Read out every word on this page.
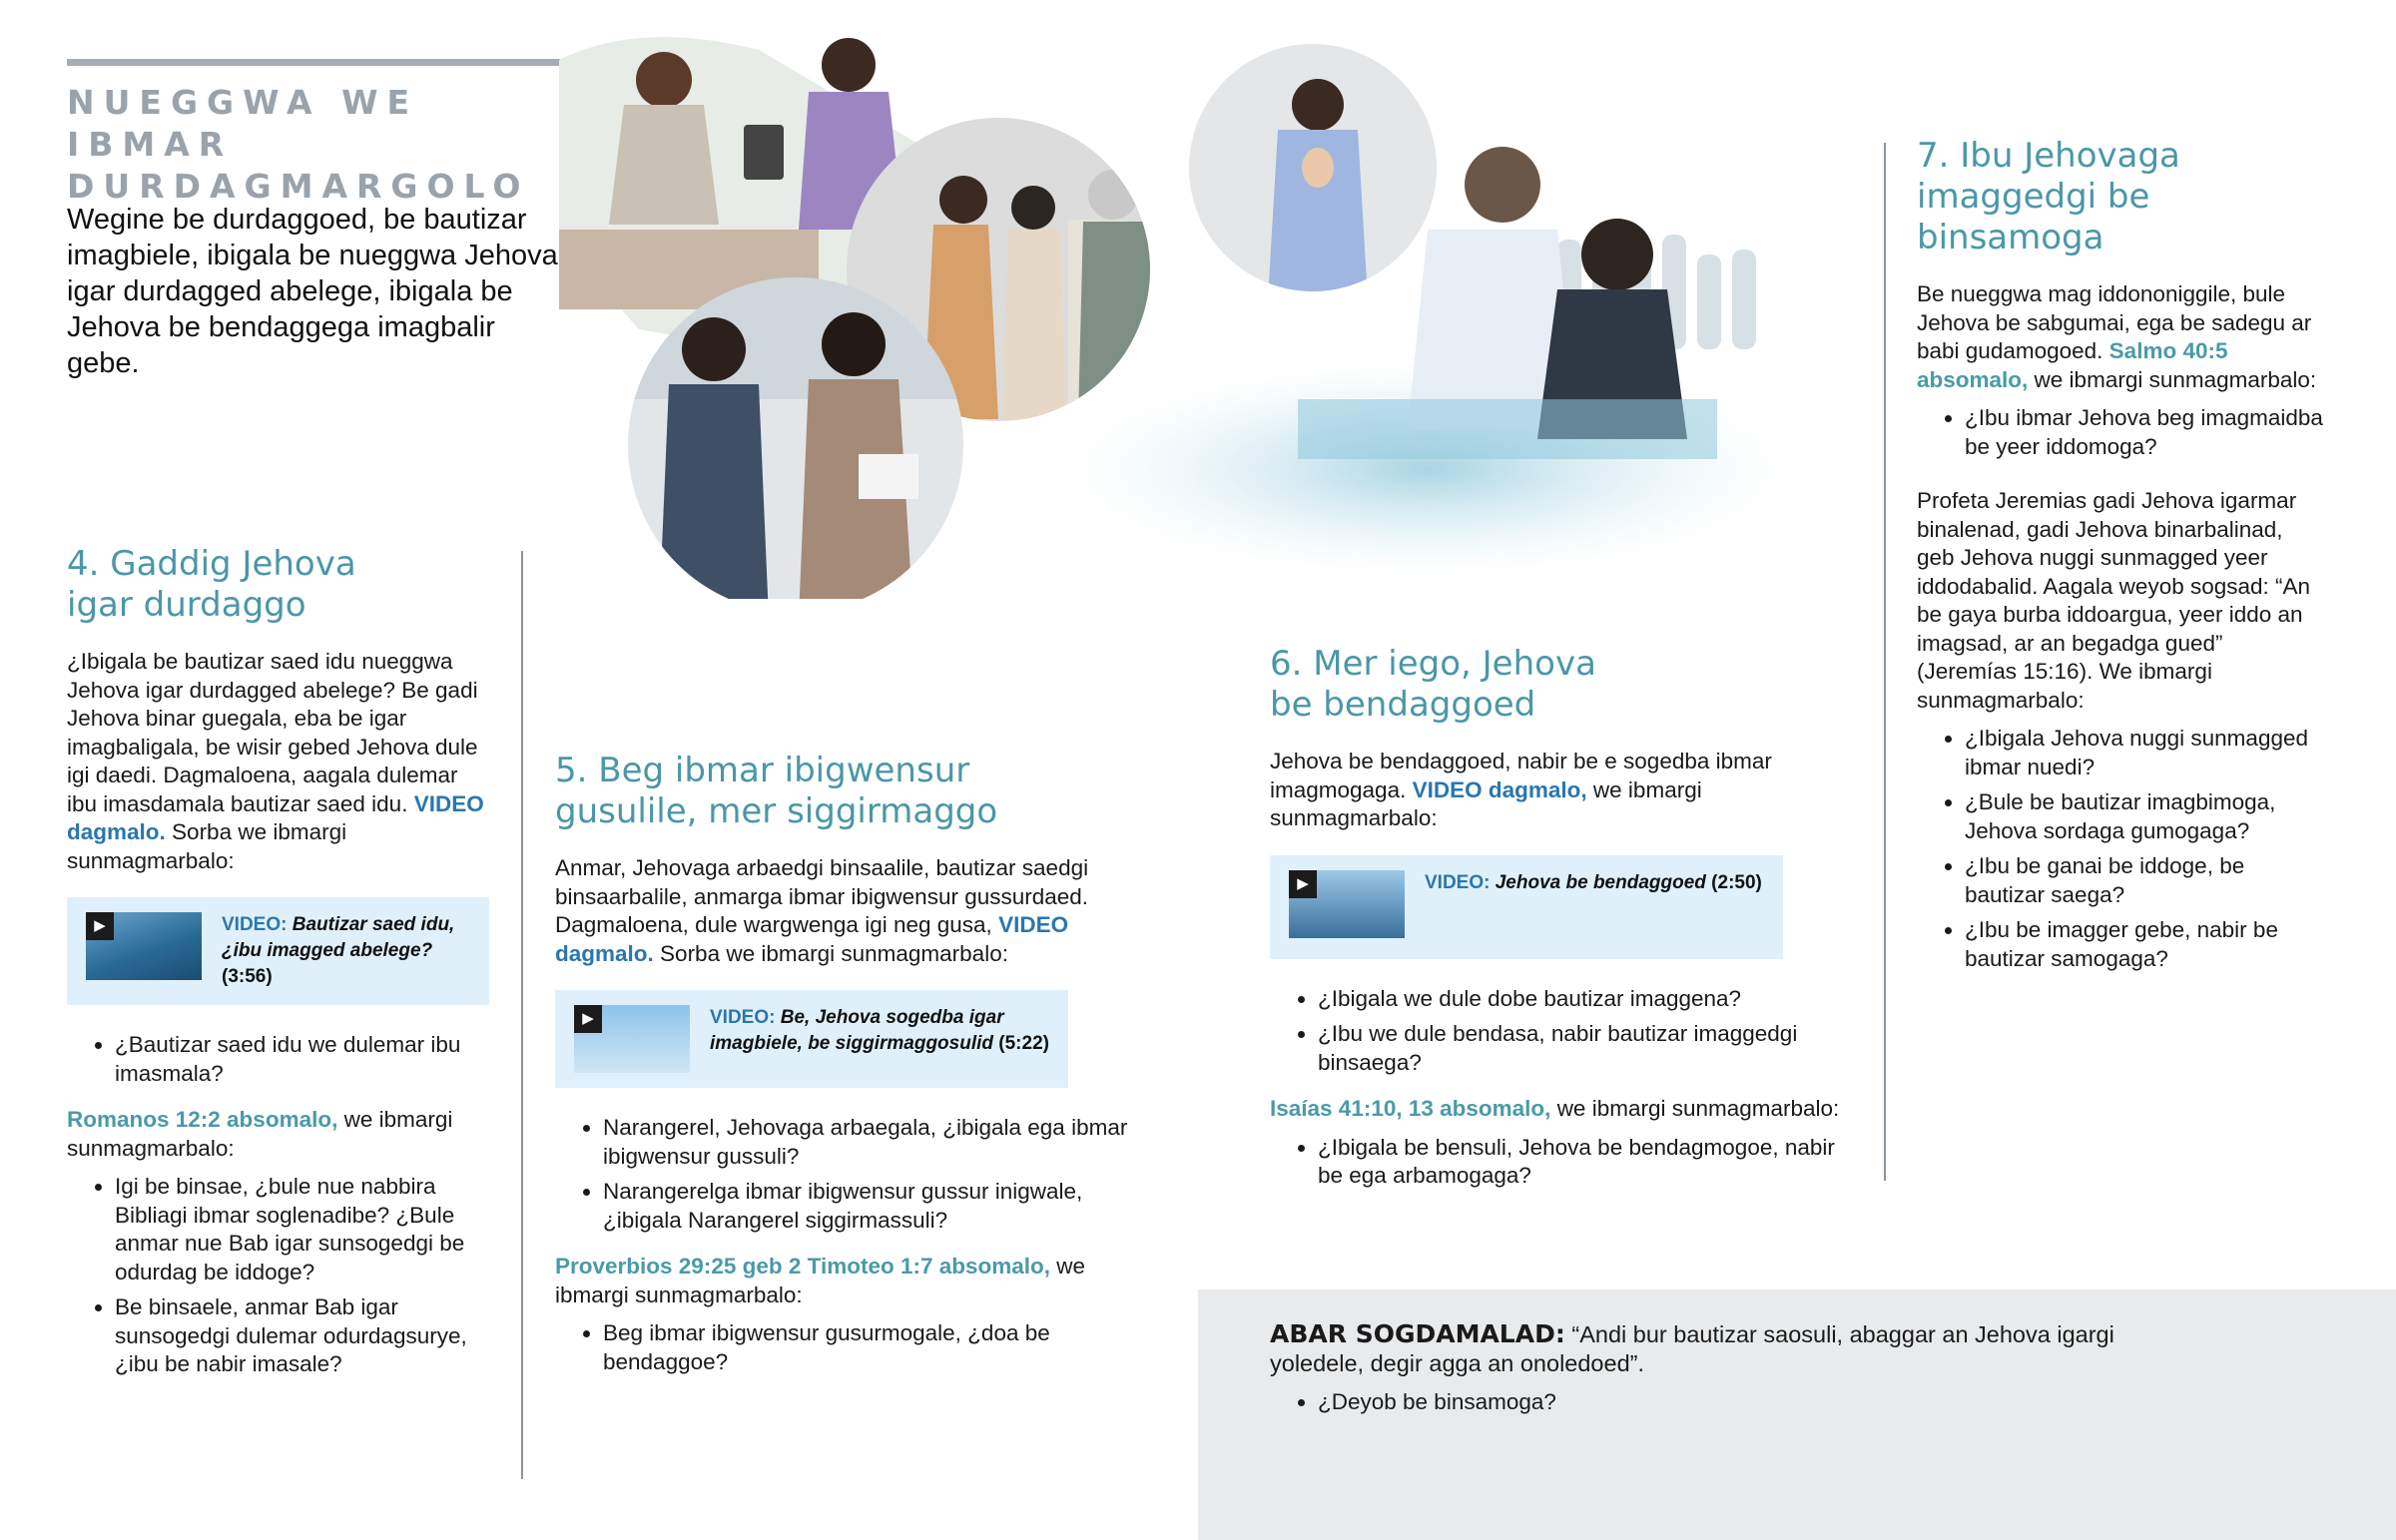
NUEGGWA WE IBMAR
DURDAGMARGOLO
Wegine be durdaggoed, be bautizar imagbiele, ibigala be nueggwa Jehova igar durdagged abelege, ibigala be Jehova be bendaggega imagbalir gebe.
4. Gaddig Jehova
igar durdaggo

¿Ibigala be bautizar saed idu nueggwa Jehova igar durdagged abelege? Be gadi Jehova binar guegala, eba be igar imagbaligala, be wisir gebed Jehova dule igi daedi. Dagmaloena, aagala dulemar ibu imasdamala bautizar saed idu. VIDEO dagmalo. Sorba we ibmargi sunmagmarbalo:

▶	VIDEO: Bautizar saed idu, ¿ibu imagged abelege? (3:56)
• ¿Bautizar saed idu we dulemar ibu imasmala?

Romanos 12:2 absomalo, we ibmargi sunmagmarbalo:

• Igi be binsae, ¿bule nue nabbira Bibliagi ibmar soglenadibe? ¿Bule anmar nue Bab igar sunsogedgi be odurdag be iddoge?
• Be binsaele, anmar Bab igar sunsogedgi dulemar odurdagsurye, ¿ibu be nabir imasale?
5. Beg ibmar ibigwensur
gusulile, mer siggirmaggo

Anmar, Jehovaga arbaedgi binsaalile, bautizar saedgi binsaarbalile, anmarga ibmar ibigwensur gussurdaed. Dagmaloena, dule wargwenga igi neg gusa, VIDEO dagmalo. Sorba we ibmargi sunmagmarbalo:

▶	VIDEO: Be, Jehova sogedba igar imagbiele, be siggirmaggosulid (5:22)
• Narangerel, Jehovaga arbaegala, ¿ibigala ega ibmar ibigwensur gussuli?
• Narangerelga ibmar ibigwensur gussur inigwale, ¿ibigala Narangerel siggirmassuli?

Proverbios 29:25 geb 2 Timoteo 1:7 absomalo, we ibmargi sunmagmarbalo:

• Beg ibmar ibigwensur gusurmogale, ¿doa be bendaggoe?
6. Mer iego, Jehova
be bendaggoed

Jehova be bendaggoed, nabir be e sogedba ibmar imagmogaga. VIDEO dagmalo, we ibmargi sunmagmarbalo:

▶	VIDEO: Jehova be bendaggoed (2:50)
• ¿Ibigala we dule dobe bautizar imaggena?
• ¿Ibu we dule bendasa, nabir bautizar imaggedgi binsaega?

Isaías 41:10, 13 absomalo, we ibmargi sunmagmarbalo:

• ¿Ibigala be bensuli, Jehova be bendagmogoe, nabir be ega arbamogaga?
7. Ibu Jehovaga
imaggedgi be binsamoga

Be nueggwa mag iddononiggile, bule Jehova be sabgumai, ega be sadegu ar babi gudamogoed. Salmo 40:5 absomalo, we ibmargi sunmagmarbalo:

• ¿Ibu ibmar Jehova beg imagmaidba be yeer iddomoga?

Profeta Jeremias gadi Jehova igarmar binalenad, gadi Jehova binarbalinad, geb Jehova nuggi sunmagged yeer iddodabalid. Aagala weyob sogsad: “An be gaya burba iddoargua, yeer iddo an imagsad, ar an begadga gued” (Jeremías 15:16). We ibmargi sunmagmarbalo:

• ¿Ibigala Jehova nuggi sunmagged ibmar nuedi?
• ¿Bule be bautizar imagbimoga, Jehova sordaga gumogaga?
• ¿Ibu be ganai be iddoge, be bautizar saega?
• ¿Ibu be imagger gebe, nabir be bautizar samogaga?

ABAR SOGDAMALAD: “Andi bur bautizar saosuli, abaggar an Jehova igargi yoledele, degir agga an onoledoed”.

• ¿Deyob be binsamoga?
